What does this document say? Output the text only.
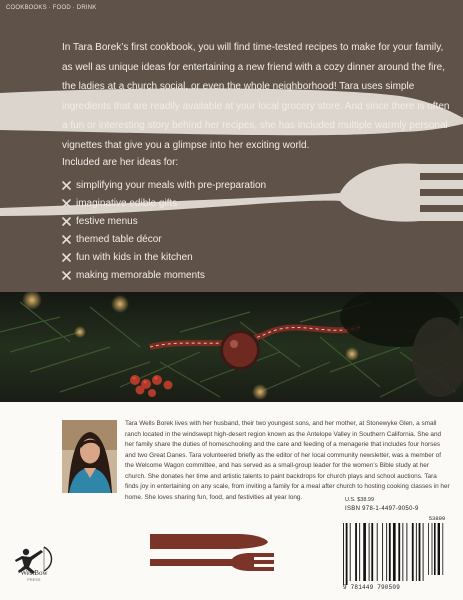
COOKBOOKS · FOOD · DRINK

In Tara Borek’s first cookbook, you will find time-tested recipes to make for your family, as well as unique ideas for entertaining a new friend with a cozy dinner around the fire, the ladies at a church social, or even the whole neighborhood! Tara uses simple ingredients that are readily available at your local grocery store. And since there is often a fun or interesting story behind her recipes, she has included multiple warmly personal vignettes that give you a glimpse into her exciting world.

Included are her ideas for:

simplifying your meals with pre-preparation
imaginative edible gifts
festive menus
themed table décor
fun with kids in the kitchen
making memorable moments

Tara Wells Borek lives with her husband, their two youngest sons, and her mother, at Stonewyke Glen, a small ranch located in the windswept high-desert region known as the Antelope Valley in Southern California. She and her family share the duties of homeschooling and the care and feeding of a menagerie that includes four horses and two Great Danes. Tara volunteered briefly as the editor of her local community newsletter, was a member of the Welcome Wagon committee, and has served as a small-group leader for the women’s Bible study at her church. She donates her time and artistic talents to paint backdrops for church plays and school auctions. Tara finds joy in entertaining on any scale, from inviting a family for a meal after church to hosting cooking classes in her home. She loves sharing fun, food, and festivities all year long.

WestBow
PRESS
U.S. $38.99
ISBN 978-1-4497-9050-9
53899
9 781449 790509
